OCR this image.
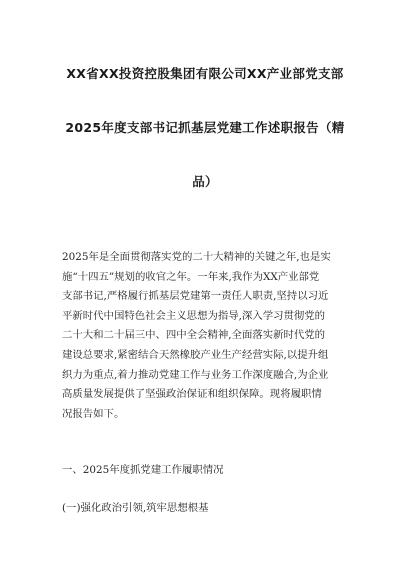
XX省XX投资控股集团有限公司XX产业部党支部
2025年度支部书记抓基层党建工作述职报告（精
品）
2025年是全面贯彻落实党的二十大精神的关键之年,也是实
施“十四五”规划的收官之年。一年来,我作为XX产业部党
支部书记,严格履行抓基层党建第一责任人职责,坚持以习近
平新时代中国特色社会主义思想为指导,深入学习贯彻党的
二十大和二十届三中、四中全会精神,全面落实新时代党的
建设总要求,紧密结合天然橡胶产业生产经营实际,以提升组
织力为重点,着力推动党建工作与业务工作深度融合,为企业
高质量发展提供了坚强政治保证和组织保障。现将履职情
况报告如下。
一、2025年度抓党建工作履职情况
(一)强化政治引领,筑牢思想根基
